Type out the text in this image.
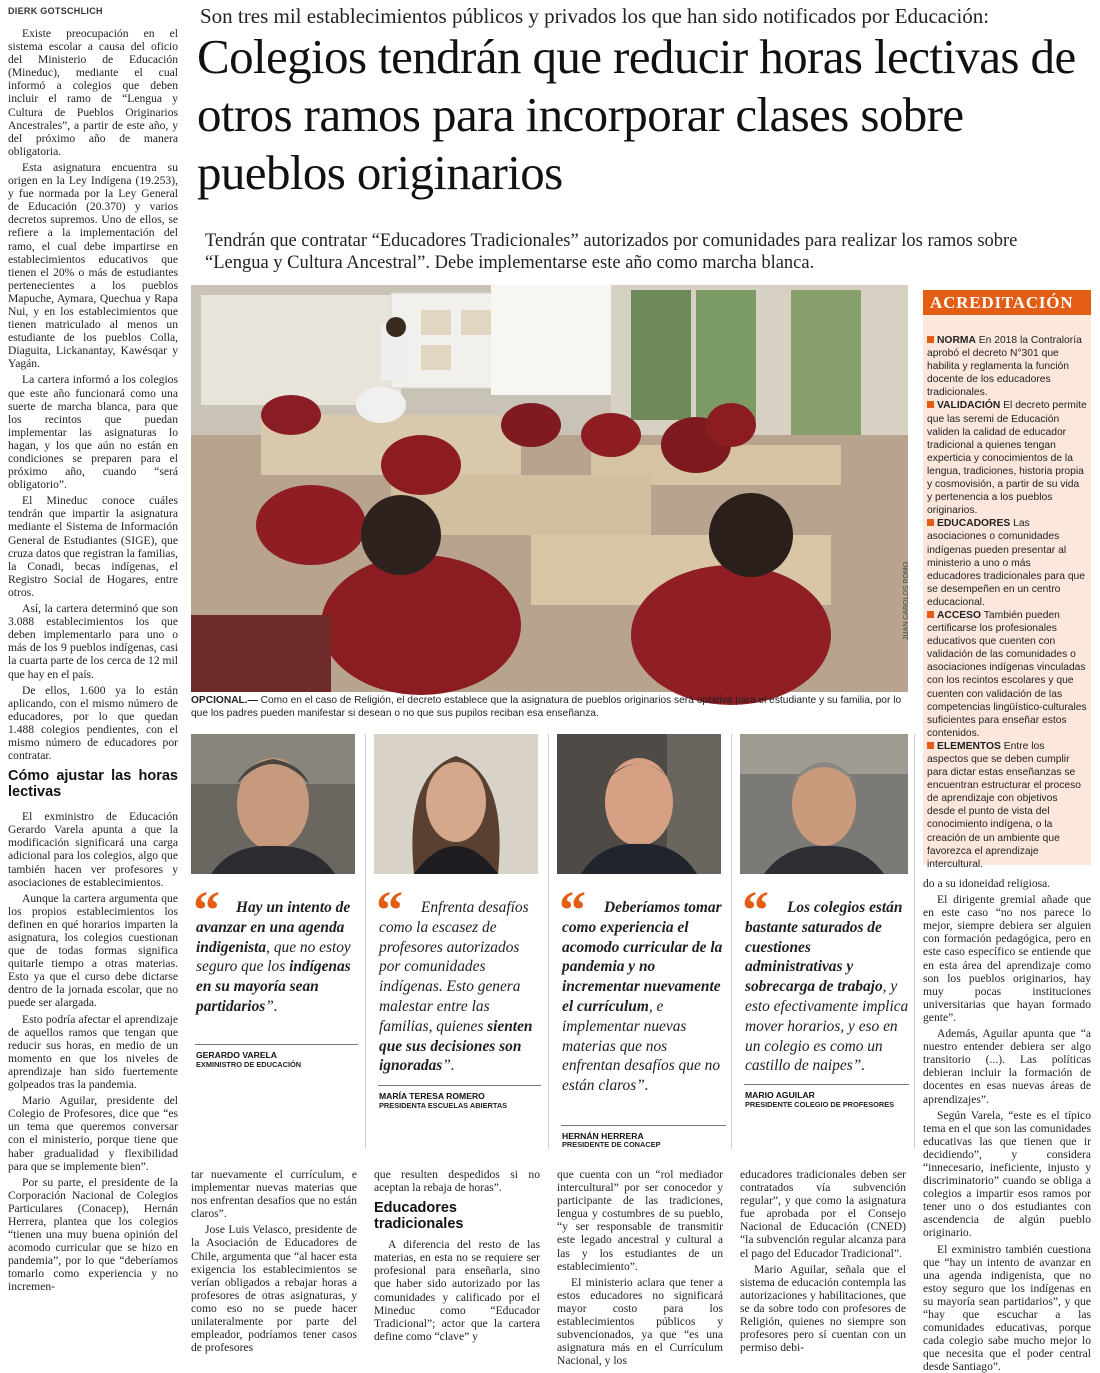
DIERK GOTSCHLICH

Existe preocupación en el sistema escolar a causa del oficio del Ministerio de Educación (Mineduc), mediante el cual informó a colegios que deben incluir el ramo de “Lengua y Cultura de Pueblos Originarios Ancestrales”, a partir de este año, y del próximo año de manera obligatoria.

Esta asignatura encuentra su origen en la Ley Indígena (19.253), y fue normada por la Ley General de Educación (20.370) y varios decretos supremos. Uno de ellos, se refiere a la implementación del ramo, el cual debe impartirse en establecimientos educativos que tienen el 20% o más de estudiantes pertenecientes a los pueblos Mapuche, Aymara, Quechua y Rapa Nui, y en los establecimientos que tienen matriculado al menos un estudiante de los pueblos Colla, Diaguita, Lickanantay, Kawésqar y Yagán.

La cartera informó a los colegios que este año funcionará como una suerte de marcha blanca, para que los recintos que puedan implementar las asignaturas lo hagan, y los que aún no están en condiciones se preparen para el próximo año, cuando “será obligatorio”.

El Mineduc conoce cuáles tendrán que impartir la asignatura mediante el Sistema de Información General de Estudiantes (SIGE), que cruza datos que registran la familias, la Conadi, becas indígenas, el Registro Social de Hogares, entre otros.

Así, la cartera determinó que son 3.088 establecimientos los que deben implementarlo para uno o más de los 9 pueblos indígenas, casi la cuarta parte de los cerca de 12 mil que hay en el país.

De ellos, 1.600 ya lo están aplicando, con el mismo número de educadores, por lo que quedan 1.488 colegios pendientes, con el mismo número de educadores por contratar.

Cómo ajustar las horas lectivas

El exministro de Educación Gerardo Varela apunta a que la modificación significará una carga adicional para los colegios, algo que también hacen ver profesores y asociaciones de establecimientos.

Aunque la cartera argumenta que los propios establecimientos los definen en qué horarios imparten la asignatura, los colegios cuestionan que de todas formas significa quitarle tiempo a otras materias. Esto ya que el curso debe dictarse dentro de la jornada escolar, que no puede ser alargada.

Esto podría afectar el aprendizaje de aquellos ramos que tengan que reducir sus horas, en medio de un momento en que los niveles de aprendizaje han sido fuertemente golpeados tras la pandemia.

Mario Aguilar, presidente del Colegio de Profesores, dice que “es un tema que queremos conversar con el ministerio, porque tiene que haber gradualidad y flexibilidad para que se implemente bien”.

Por su parte, el presidente de la Corporación Nacional de Colegios Particulares (Conacep), Hernán Herrera, plantea que los colegios “tienen una muy buena opinión del acomodo curricular que se hizo en pandemia”, por lo que “deberíamos tomarlo como experiencia y no incremen-

Son tres mil establecimientos públicos y privados los que han sido notificados por Educación:
Colegios tendrán que reducir horas lectivas de otros ramos para incorporar clases sobre pueblos originarios
Tendrán que contratar “Educadores Tradicionales” autorizados por comunidades para realizar los ramos sobre “Lengua y Cultura Ancestral”. Debe implementarse este año como marcha blanca.
JUAN CAROLOS ROMO
OPCIONAL.— Como en el caso de Religión, el decreto establece que la asignatura de pueblos originarios será optativa para el estudiante y su familia, por lo que los padres pueden manifestar si desean o no que sus pupilos reciban esa enseñanza.
ACREDITACIÓN
NORMA En 2018 la Contraloría aprobó el decreto N°301 que habilita y reglamenta la función docente de los educadores tradicionales.
VALIDACIÓN El decreto permite que las seremi de Educación validen la calidad de educador tradicional a quienes tengan experticia y conocimientos de la lengua, tradiciones, historia propia y cosmovisión, a partir de su vida y pertenencia a los pueblos originarios.
EDUCADORES Las asociaciones o comunidades indígenas pueden presentar al ministerio a uno o más educadores tradicionales para que se desempeñen en un centro educacional.
ACCESO También pueden certificarse los profesionales educativos que cuenten con validación de las comunidades o asociaciones indígenas vinculadas con los recintos escolares y que cuenten con validación de las competencias lingüístico-culturales suficientes para enseñar estos contenidos.
ELEMENTOS Entre los aspectos que se deben cumplir para dictar estas enseñanzas se encuentran estructurar el proceso de aprendizaje con objetivos desde el punto de vista del conocimiento indígena, o la creación de un ambiente que favorezca el aprendizaje intercultural.
“	Hay un intento de avanzar en una agenda indigenista, que no estoy seguro que los indígenas en su mayoría sean partidarios”.
GERARDO VARELA
EXMINISTRO DE EDUCACIÓN
“	Enfrenta desafíos como la escasez de profesores autorizados por comunidades indígenas. Esto genera malestar entre las familias, quienes sienten que sus decisiones son ignoradas”.
MARÍA TERESA ROMERO
PRESIDENTA ESCUELAS ABIERTAS
“	Deberíamos tomar como experiencia el acomodo curricular de la pandemia y no incrementar nuevamente el currículum, e implementar nuevas materias que nos enfrentan desafíos que no están claros”.
HERNÁN HERRERA
PRESIDENTE DE CONACEP
“	Los colegios están bastante saturados de cuestiones administrativas y sobrecarga de trabajo, y esto efectivamente implica mover horarios, y eso en un colegio es como un castillo de naipes”.
MARIO AGUILAR
PRESIDENTE COLEGIO DE PROFESORES

tar nuevamente el currículum, e implementar nuevas materias que nos enfrentan desafíos que no están claros”.

Jose Luis Velasco, presidente de la Asociación de Educadores de Chile, argumenta que “al hacer esta exigencia los establecimientos se verían obligados a rebajar horas a profesores de otras asignaturas, y como eso no se puede hacer unilateralmente por parte del empleador, podríamos tener casos de profesores

que resulten despedidos si no aceptan la rebaja de horas”.

Educadores tradicionales

A diferencia del resto de las materias, en esta no se requiere ser profesional para enseñarla, sino que haber sido autorizado por las comunidades y calificado por el Mineduc como “Educador Tradicional”; actor que la cartera define como “clave” y

que cuenta con un “rol mediador intercultural” por ser conocedor y participante de las tradiciones, lengua y costumbres de su pueblo, “y ser responsable de transmitir este legado ancestral y cultural a las y los estudiantes de un establecimiento”.

El ministerio aclara que tener a estos educadores no significará mayor costo para los establecimientos públicos y subvencionados, ya que “es una asignatura más en el Currículum Nacional, y los

educadores tradicionales deben ser contratados vía subvención regular”, y que como la asignatura fue aprobada por el Consejo Nacional de Educación (CNED) “la subvención regular alcanza para el pago del Educador Tradicional”.

Mario Aguilar, señala que el sistema de educación contempla las autorizaciones y habilitaciones, que se da sobre todo con profesores de Religión, quienes no siempre son profesores pero sí cuentan con un permiso debi-

do a su idoneidad religiosa.

El dirigente gremial añade que en este caso “no nos parece lo mejor, siempre debiera ser alguien con formación pedagógica, pero en este caso específico se entiende que en esta área del aprendizaje como son los pueblos originarios, hay muy pocas instituciones universitarias que hayan formado gente”.

Además, Aguilar apunta que “a nuestro entender debiera ser algo transitorio (...). Las políticas debieran incluir la formación de docentes en esas nuevas áreas de aprendizajes”.

Según Varela, “este es el típico tema en el que son las comunidades educativas las que tienen que ir decidiendo”, y considera “innecesario, ineficiente, injusto y discriminatorio” cuando se obliga a colegios a impartir esos ramos por tener uno o dos estudiantes con ascendencia de algún pueblo originario.

El exministro también cuestiona que “hay un intento de avanzar en una agenda indigenista, que no estoy seguro que los indígenas en su mayoría sean partidarios”, y que “hay que escuchar a las comunidades educativas, porque cada colegio sabe mucho mejor lo que necesita que el poder central desde Santiago”.
